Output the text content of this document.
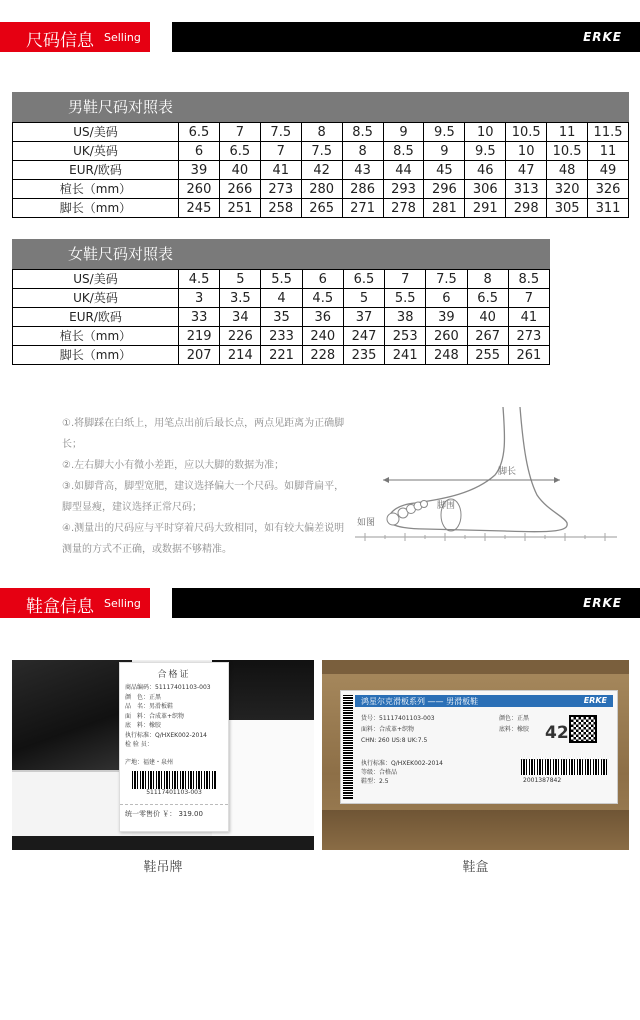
尺码信息 Selling	ERKE
男鞋尺码对照表
US/美码	6.5	7	7.5	8	8.5	9	9.5	10	10.5	11	11.5
UK/英码	6	6.5	7	7.5	8	8.5	9	9.5	10	10.5	11
EUR/欧码	39	40	41	42	43	44	45	46	47	48	49
楦长（mm）	260	266	273	280	286	293	296	306	313	320	326
脚长（mm）	245	251	258	265	271	278	281	291	298	305	311
女鞋尺码对照表
US/美码	4.5	5	5.5	6	6.5	7	7.5	8	8.5
UK/英码	3	3.5	4	4.5	5	5.5	6	6.5	7
EUR/欧码	33	34	35	36	37	38	39	40	41
楦长（mm）	219	226	233	240	247	253	260	267	273
脚长（mm）	207	214	221	228	235	241	248	255	261
①.将脚踩在白纸上，用笔点出前后最长点，两点见距离为正确脚长；
②.左右脚大小有微小差距，应以大脚的数据为准；
③.如脚背高，脚型宽肥，建议选择偏大一个尺码。如脚背扁平，脚型显瘦，建议选择正常尺码；
④.测量出的尺码应与平时穿着尺码大致相同，如有较大偏差说明测量的方式不正确，或数据不够精准。
脚长
脚围
如图
鞋盒信息 Selling	ERKE
合格证
商品编码：51117401103-003
颜　色：正黑
品　名：男滑板鞋
面　料：合成革+织物
底　料：橡胶
执行标准：Q/HXEK002-2014
检 验 员：
产地：福建・泉州
51117401103-003
统一零售价 ￥： 319.00
鸿星尔克滑板系列 —— 男滑板鞋	ERKE
货号：51117401103-003
面料：合成革+织物
CHN: 260 US:8 UK:7.5
颜色：正黑
底料：橡胶 42
执行标准：Q/HXEK002-2014
等级：合格品
鞋型：2.5	2001387842
鞋吊牌	鞋盒
